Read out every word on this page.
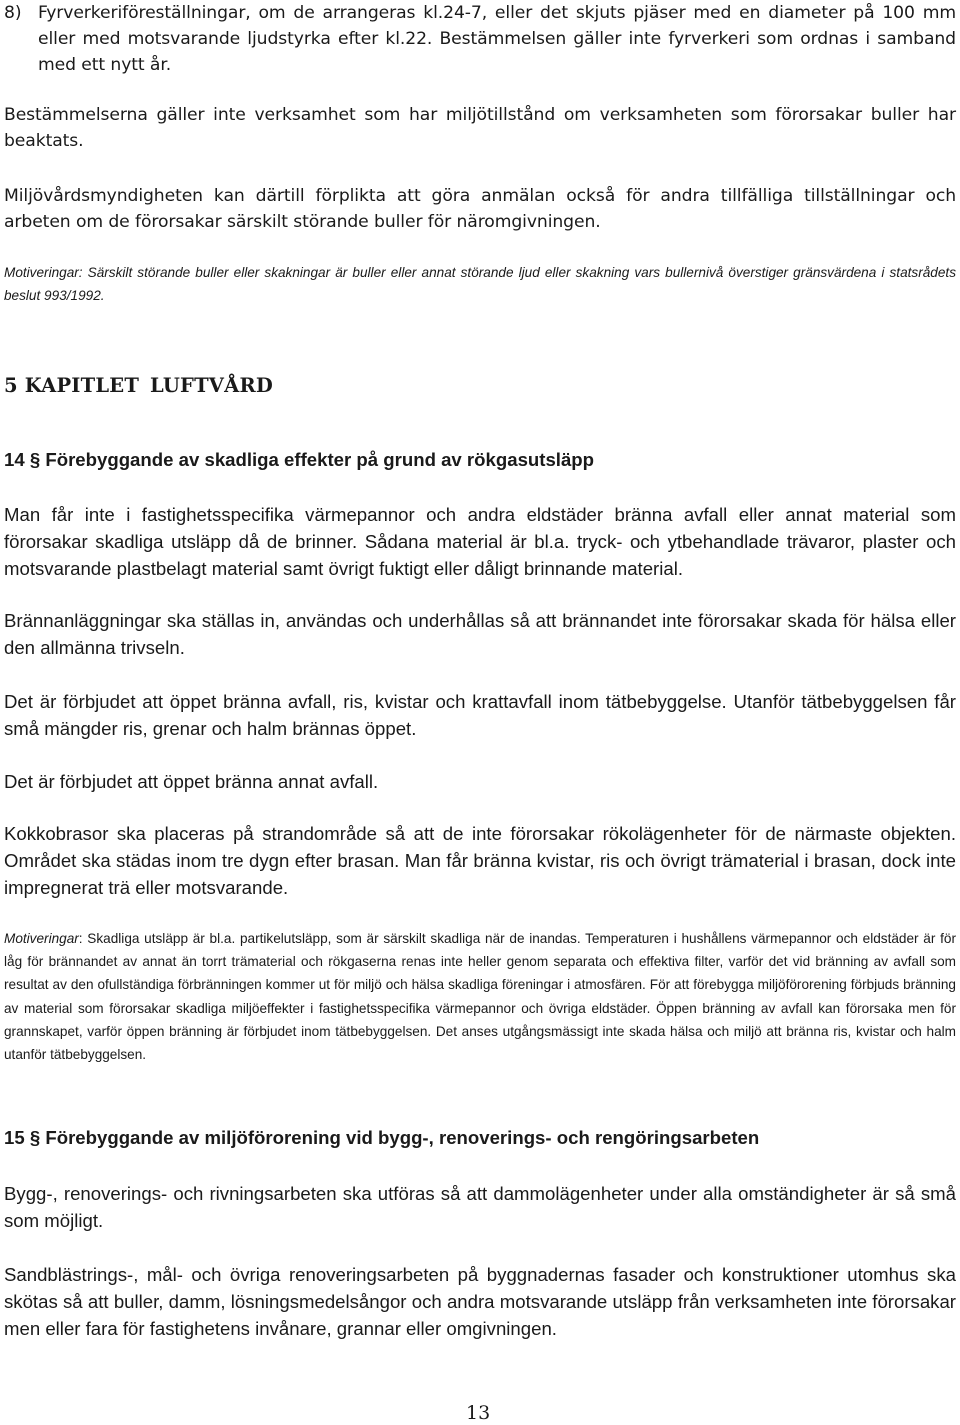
8) Fyrverkeriföreställningar, om de arrangeras kl.24-7, eller det skjuts pjäser med en diameter på 100 mm eller med motsvarande ljudstyrka efter kl.22. Bestämmelsen gäller inte fyrverkeri som ordnas i samband med ett nytt år.

Bestämmelserna gäller inte verksamhet som har miljötillstånd om verksamheten som förorsakar buller har beaktats.

Miljövårdsmyndigheten kan därtill förplikta att göra anmälan också för andra tillfälliga tillställningar och arbeten om de förorsakar särskilt störande buller för näromgivningen.

Motiveringar: Särskilt störande buller eller skakningar är buller eller annat störande ljud eller skakning vars bullernivå överstiger gränsvärdena i statsrådets beslut 993/1992.

5 KAPITLET LUFTVÅRD
14 § Förebyggande av skadliga effekter på grund av rökgasutsläpp

Man får inte i fastighetsspecifika värmepannor och andra eldstäder bränna avfall eller annat material som förorsakar skadliga utsläpp då de brinner. Sådana material är bl.a. tryck- och ytbehandlade trävaror, plaster och motsvarande plastbelagt material samt övrigt fuktigt eller dåligt brinnande material.

Brännanläggningar ska ställas in, användas och underhållas så att brännandet inte förorsakar skada för hälsa eller den allmänna trivseln.

Det är förbjudet att öppet bränna avfall, ris, kvistar och krattavfall inom tätbebyggelse. Utanför tätbebyggelsen får små mängder ris, grenar och halm brännas öppet.

Det är förbjudet att öppet bränna annat avfall.

Kokkobrasor ska placeras på strandområde så att de inte förorsakar rökolägenheter för de närmaste objekten. Området ska städas inom tre dygn efter brasan. Man får bränna kvistar, ris och övrigt trämaterial i brasan, dock inte impregnerat trä eller motsvarande.

Motiveringar: Skadliga utsläpp är bl.a. partikelutsläpp, som är särskilt skadliga när de inandas. Temperaturen i hushållens värmepannor och eldstäder är för låg för brännandet av annat än torrt trämaterial och rökgaserna renas inte heller genom separata och effektiva filter, varför det vid bränning av avfall som resultat av den ofullständiga förbränningen kommer ut för miljö och hälsa skadliga föreningar i atmosfären. För att förebygga miljöförorening förbjuds bränning av material som förorsakar skadliga miljöeffekter i fastighetsspecifika värmepannor och övriga eldstäder. Öppen bränning av avfall kan förorsaka men för grannskapet, varför öppen bränning är förbjudet inom tätbebyggelsen. Det anses utgångsmässigt inte skada hälsa och miljö att bränna ris, kvistar och halm utanför tätbebyggelsen.

15 § Förebyggande av miljöförorening vid bygg-, renoverings- och rengöringsarbeten

Bygg-, renoverings- och rivningsarbeten ska utföras så att dammolägenheter under alla omständigheter är så små som möjligt.

Sandblästrings-, mål- och övriga renoveringsarbeten på byggnadernas fasader och konstruktioner utomhus ska skötas så att buller, damm, lösningsmedelsångor och andra motsvarande utsläpp från verksamheten inte förorsakar men eller fara för fastighetens invånare, grannar eller omgivningen.

13
